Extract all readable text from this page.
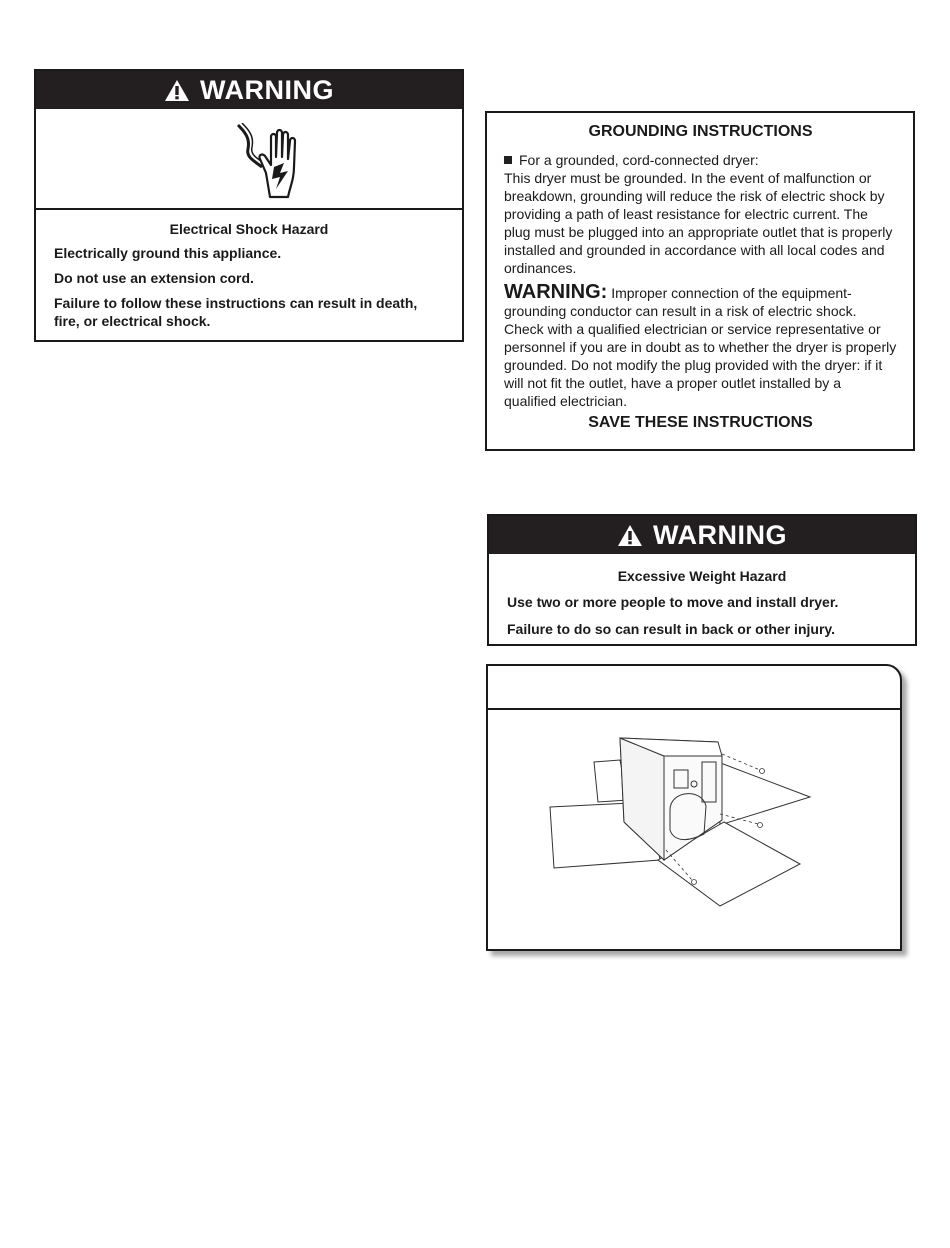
WARNING
Electrical Shock Hazard
Electrically ground this appliance.
Do not use an extension cord.
Failure to follow these instructions can result in death, fire, or electrical shock.
GROUNDING INSTRUCTIONS
For a grounded, cord-connected dryer:
This dryer must be grounded. In the event of malfunction or breakdown, grounding will reduce the risk of electric shock by providing a path of least resistance for electric current. The plug must be plugged into an appropriate outlet that is properly installed and grounded in accordance with all local codes and ordinances.
WARNING: Improper connection of the equipment-grounding conductor can result in a risk of electric shock. Check with a qualified electrician or service representative or personnel if you are in doubt as to whether the dryer is properly grounded. Do not modify the plug provided with the dryer: if it will not fit the outlet, have a proper outlet installed by a qualified electrician.
SAVE THESE INSTRUCTIONS
WARNING
Excessive Weight Hazard
Use two or more people to move and install dryer.
Failure to do so can result in back or other injury.
